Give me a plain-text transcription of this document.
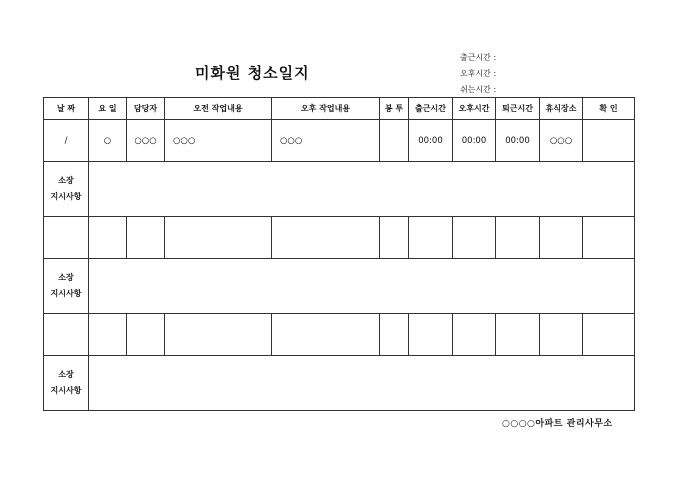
미화원 청소일지
출근시간 :
오후시간 :
쉬는시간 :
날 짜	요 일	담당자	오전 작업내용	오후 작업내용	봉 투	출근시간	오후시간	퇴근시간	휴식장소	확 인
/	○	○○○	○○○	○○○		00:00	00:00	00:00	○○○	
소장
지시사항										

소장
지시사항										

소장
지시사항										
○○○○아파트 관리사무소
